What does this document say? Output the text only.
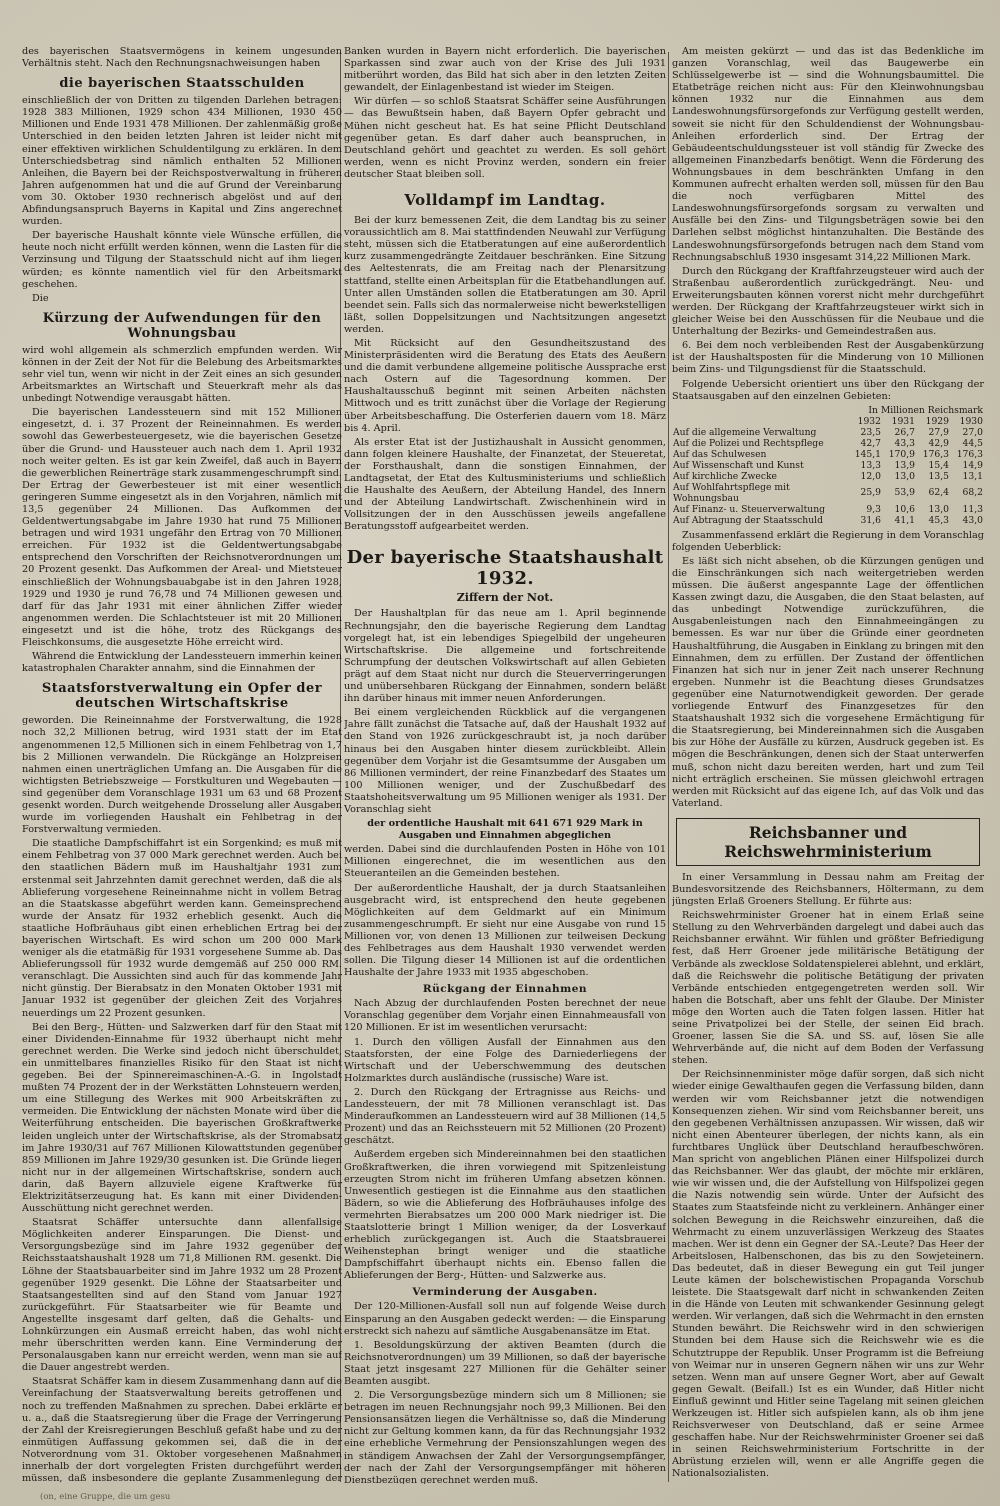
des bayerischen Staatsvermögens in keinem ungesunden Verhältnis steht. Nach den Rechnungsnachweisungen haben

die bayerischen Staatsschulden

einschließlich der von Dritten zu tilgenden Darlehen betragen: 1928 383 Millionen, 1929 schon 434 Millionen, 1930 450 Millionen und Ende 1931 478 Millionen. Der zahlenmäßig große Unterschied in den beiden letzten Jahren ist leider nicht mit einer effektiven wirklichen Schuldentilgung zu erklären. In dem Unterschiedsbetrag sind nämlich enthalten 52 Millionen Anleihen, die Bayern bei der Reichspostverwaltung in früheren Jahren aufgenommen hat und die auf Grund der Vereinbarung vom 30. Oktober 1930 rechnerisch abgelöst und auf den Abfindungsanspruch Bayerns in Kapital und Zins angerechnet wurden.

Der bayerische Haushalt könnte viele Wünsche erfüllen, die heute noch nicht erfüllt werden können, wenn die Lasten für die Verzinsung und Tilgung der Staatsschuld nicht auf ihm liegen würden; es könnte namentlich viel für den Arbeitsmarkt geschehen.

Die

Kürzung der Aufwendungen für den Wohnungsbau

wird wohl allgemein als schmerzlich empfunden werden. Wir können in der Zeit der Not für die Belebung des Arbeitsmarktes sehr viel tun, wenn wir nicht in der Zeit eines an sich gesunden Arbeitsmarktes an Wirtschaft und Steuerkraft mehr als das unbedingt Notwendige verausgabt hätten.

Die bayerischen Landessteuern sind mit 152 Millionen eingesetzt, d. i. 37 Prozent der Reineinnahmen. Es werden sowohl das Gewerbesteuergesetz, wie die bayerischen Gesetze über die Grund- und Haussteuer auch nach dem 1. April 1932 noch weiter gelten. Es ist gar kein Zweifel, daß auch in Bayern die gewerblichen Reinerträge stark zusammengeschrumpft sind. Der Ertrag der Gewerbesteuer ist mit einer wesentlich geringeren Summe eingesetzt als in den Vorjahren, nämlich mit 13,5 gegenüber 24 Millionen. Das Aufkommen der Geldentwertungsabgabe im Jahre 1930 hat rund 75 Millionen betragen und wird 1931 ungefähr den Ertrag von 70 Millionen erreichen. Für 1932 ist die Geldentwertungsabgabe entsprechend den Vorschriften der Reichsnotverordnungen um 20 Prozent gesenkt. Das Aufkommen der Areal- und Mietsteuer einschließlich der Wohnungsbauabgabe ist in den Jahren 1928, 1929 und 1930 je rund 76,78 und 74 Millionen gewesen und darf für das Jahr 1931 mit einer ähnlichen Ziffer wieder angenommen werden. Die Schlachtsteuer ist mit 20 Millionen eingesetzt und ist die höhe, trotz des Rückgangs des Fleischkonsums, die ausgesetzte Höhe erreicht wird.

Während die Entwicklung der Landessteuern immerhin keinen katastrophalen Charakter annahm, sind die Einnahmen der

Staatsforstverwaltung ein Opfer der deutschen Wirtschaftskrise

geworden. Die Reineinnahme der Forstverwaltung, die 1928 noch 32,2 Millionen betrug, wird 1931 statt der im Etat angenommenen 12,5 Millionen sich in einem Fehlbetrag von 1,7 bis 2 Millionen verwandeln. Die Rückgänge an Holzpreisen nahmen einen unerträglichen Umfang an. Die Ausgaben für die wichtigsten Betriebszweige — Forstkulturen und Wegebauten — sind gegenüber dem Voranschlage 1931 um 63 und 68 Prozent gesenkt worden. Durch weitgehende Drosselung aller Ausgaben wurde im vorliegenden Haushalt ein Fehlbetrag in der Forstverwaltung vermieden.

Die staatliche Dampfschiffahrt ist ein Sorgenkind; es muß mit einem Fehlbetrag von 37 000 Mark gerechnet werden. Auch bei den staatlichen Bädern muß im Haushaltjahr 1931 zum erstenmal seit Jahrzehnten damit gerechnet werden, daß die als Ablieferung vorgesehene Reineinnahme nicht in vollem Betrag an die Staatskasse abgeführt werden kann. Gemeinsprechend wurde der Ansatz für 1932 erheblich gesenkt. Auch die staatliche Hofbräuhaus gibt einen erheblichen Ertrag bei der bayerischen Wirtschaft. Es wird schon um 200 000 Mark weniger als die etatmäßig für 1931 vorgesehene Summe ab. Das Ablieferungssoll für 1932 wurde demgemäß auf 250 000 RM. veranschlagt. Die Aussichten sind auch für das kommende Jahr nicht günstig. Der Bierabsatz in den Monaten Oktober 1931 mit Januar 1932 ist gegenüber der gleichen Zeit des Vorjahres neuerdings um 22 Prozent gesunken.

Bei den Berg-, Hütten- und Salzwerken darf für den Staat mit einer Dividenden-Einnahme für 1932 überhaupt nicht mehr gerechnet werden. Die Werke sind jedoch nicht überschuldet, ein unmittelbares finanzielles Risiko für den Staat ist nicht gegeben. Bei der Spinnereimaschinen-A.-G. in Ingolstadt mußten 74 Prozent der in der Werkstätten Lohnsteuern werden, um eine Stillegung des Werkes mit 900 Arbeitskräften zu vermeiden. Die Entwicklung der nächsten Monate wird über die Weiterführung entscheiden. Die bayerischen Großkraftwerke leiden ungleich unter der Wirtschaftskrise, als der Stromabsatz im Jahre 1930/31 auf 767 Millionen Kilowattstunden gegenüber 859 Millionen im Jahre 1929/30 gesunken ist. Die Gründe liegen nicht nur in der allgemeinen Wirtschaftskrise, sondern auch darin, daß Bayern allzuviele eigene Kraftwerke für Elektrizitätserzeugung hat. Es kann mit einer Dividenden-Ausschüttung nicht gerechnet werden.

Staatsrat Schäffer untersuchte dann allenfallsige Möglichkeiten anderer Einsparungen. Die Dienst- und Versorgungsbezüge sind im Jahre 1932 gegenüber der Reichsstaatshaushalt 1928 um 71,8 Millionen RM. gesenkt. Die Löhne der Staatsbauarbeiter sind im Jahre 1932 um 28 Prozent gegenüber 1929 gesenkt. Die Löhne der Staatsarbeiter und Staatsangestellten sind auf den Stand vom Januar 1927 zurückgeführt. Für Staatsarbeiter wie für Beamte und Angestellte insgesamt darf gelten, daß die Gehalts- und Lohnkürzungen ein Ausmaß erreicht haben, das wohl nicht mehr überschritten werden kann. Eine Verminderung der Personalausgaben kann nur erreicht werden, wenn man sie auf die Dauer angestrebt werden.

Staatsrat Schäffer kam in diesem Zusammenhang dann auf die Vereinfachung der Staatsverwaltung bereits getroffenen und noch zu treffenden Maßnahmen zu sprechen. Dabei erklärte er u. a., daß die Staatsregierung über die Frage der Verringerung der Zahl der Kreisregierungen Beschluß gefaßt habe und zu der einmütigen Auffassung gekommen sei, daß die in der Notverordnung vom 31. Oktober vorgesehenen Maßnahmen innerhalb der dort vorgelegten Fristen durchgeführt werden müssen, daß insbesondere die geplante Zusammenlegung der

Banken wurden in Bayern nicht erforderlich. Die bayerischen Sparkassen sind zwar auch von der Krise des Juli 1931 mitberührt worden, das Bild hat sich aber in den letzten Zeiten gewandelt, der Einlagenbestand ist wieder im Steigen.

Wir dürfen — so schloß Staatsrat Schäffer seine Ausführungen — das Bewußtsein haben, daß Bayern Opfer gebracht und Mühen nicht gescheut hat. Es hat seine Pflicht Deutschland gegenüber getan. Es darf daher auch beanspruchen, in Deutschland gehört und geachtet zu werden. Es soll gehört werden, wenn es nicht Provinz werden, sondern ein freier deutscher Staat bleiben soll.

Volldampf im Landtag.

Bei der kurz bemessenen Zeit, die dem Landtag bis zu seiner voraussichtlich am 8. Mai stattfindenden Neuwahl zur Verfügung steht, müssen sich die Etatberatungen auf eine außerordentlich kurz zusammengedrängte Zeitdauer beschränken. Eine Sitzung des Aeltestenrats, die am Freitag nach der Plenarsitzung stattfand, stellte einen Arbeitsplan für die Etatbehandlungen auf. Unter allen Umständen sollen die Etatberatungen am 30. April beendet sein. Falls sich das normalerweise nicht bewerkstelligen läßt, sollen Doppelsitzungen und Nachtsitzungen angesetzt werden.

Mit Rücksicht auf den Gesundheitszustand des Ministerpräsidenten wird die Beratung des Etats des Aeußern und die damit verbundene allgemeine politische Aussprache erst nach Ostern auf die Tagesordnung kommen. Der Haushaltausschuß beginnt mit seinen Arbeiten nächsten Mittwoch und es tritt zunächst über die Vorlage der Regierung über Arbeitsbeschaffung. Die Osterferien dauern vom 18. März bis 4. April.

Als erster Etat ist der Justizhaushalt in Aussicht genommen, dann folgen kleinere Haushalte, der Finanzetat, der Steueretat, der Forsthaushalt, dann die sonstigen Einnahmen, der Landtagsetat, der Etat des Kultusministeriums und schließlich die Haushalte des Aeußern, der Abteilung Handel, des Innern und der Abteilung Landwirtschaft. Zwischenhinein wird in Vollsitzungen der in den Ausschüssen jeweils angefallene Beratungsstoff aufgearbeitet werden.

Der bayerische Staatshaushalt 1932.
Ziffern der Not.

Der Haushaltplan für das neue am 1. April beginnende Rechnungsjahr, den die bayerische Regierung dem Landtag vorgelegt hat, ist ein lebendiges Spiegelbild der ungeheuren Wirtschaftskrise. Die allgemeine und fortschreitende Schrumpfung der deutschen Volkswirtschaft auf allen Gebieten prägt auf dem Staat nicht nur durch die Steuerverringerungen und unübersehbaren Rückgang der Einnahmen, sondern beläßt ihn darüber hinaus mit immer neuen Anforderungen.

Bei einem vergleichenden Rückblick auf die vergangenen Jahre fällt zunächst die Tatsache auf, daß der Haushalt 1932 auf den Stand von 1926 zurückgeschraubt ist, ja noch darüber hinaus bei den Ausgaben hinter diesem zurückbleibt. Allein gegenüber dem Vorjahr ist die Gesamtsumme der Ausgaben um 86 Millionen vermindert, der reine Finanzbedarf des Staates um 100 Millionen weniger, und der Zuschußbedarf des Staatshoheitsverwaltung um 95 Millionen weniger als 1931. Der Voranschlag sieht

der ordentliche Haushalt mit 641 671 929 Mark in Ausgaben und Einnahmen abgeglichen

werden. Dabei sind die durchlaufenden Posten in Höhe von 101 Millionen eingerechnet, die im wesentlichen aus den Steueranteilen an die Gemeinden bestehen.

Der außerordentliche Haushalt, der ja durch Staatsanleihen ausgebracht wird, ist entsprechend den heute gegebenen Möglichkeiten auf dem Geldmarkt auf ein Minimum zusammengeschrumpft. Er sieht nur eine Ausgabe von rund 15 Millionen vor, von denen 13 Millionen zur teilweisen Deckung des Fehlbetrages aus dem Haushalt 1930 verwendet werden sollen. Die Tilgung dieser 14 Millionen ist auf die ordentlichen Haushalte der Jahre 1933 mit 1935 abgeschoben.

Rückgang der Einnahmen

Nach Abzug der durchlaufenden Posten berechnet der neue Voranschlag gegenüber dem Vorjahr einen Einnahmeausfall von 120 Millionen. Er ist im wesentlichen verursacht:

1. Durch den völligen Ausfall der Einnahmen aus den Staatsforsten, der eine Folge des Darniederliegens der Wirtschaft und der Ueberschwemmung des deutschen Holzmarktes durch ausländische (russische) Ware ist.

2. Durch den Rückgang der Ertragnisse aus Reichs- und Landessteuern, der mit 78 Millionen veranschlagt ist. Das Minderaufkommen an Landessteuern wird auf 38 Millionen (14,5 Prozent) und das an Reichssteuern mit 52 Millionen (20 Prozent) geschätzt.

Außerdem ergeben sich Mindereinnahmen bei den staatlichen Großkraftwerken, die ihren vorwiegend mit Spitzenleistung erzeugten Strom nicht im früheren Umfang absetzen können. Unwesentlich gestiegen ist die Einnahme aus den staatlichen Bädern, so wie die Ablieferung des Hofbräuhauses infolge des vermehrten Bierabsatzes um 200 000 Mark niedriger ist. Die Staatslotterie bringt 1 Million weniger, da der Losverkauf erheblich zurückgegangen ist. Auch die Staatsbrauerei Weihenstephan bringt weniger und die staatliche Dampfschiffahrt überhaupt nichts ein. Ebenso fallen die Ablieferungen der Berg-, Hütten- und Salzwerke aus.

Verminderung der Ausgaben.

Der 120-Millionen-Ausfall soll nun auf folgende Weise durch Einsparung an den Ausgaben gedeckt werden: — die Einsparung erstreckt sich nahezu auf sämtliche Ausgabenansätze im Etat.

1. Besoldungskürzung der aktiven Beamten (durch die Reichsnotverordnungen) um 39 Millionen, so daß der bayerische Staat jetzt insgesamt 227 Millionen für die Gehälter seiner Beamten ausgibt.

2. Die Versorgungsbezüge mindern sich um 8 Millionen; sie betragen im neuen Rechnungsjahr noch 99,3 Millionen. Bei den Pensionsansätzen liegen die Verhältnisse so, daß die Minderung nicht zur Geltung kommen kann, da für das Rechnungsjahr 1932 eine erhebliche Vermehrung der Pensionszahlungen wegen des in ständigem Anwachsen der Zahl der Versorgungsempfänger, der nach der Zahl der Versorgungsempfänger mit höheren Dienstbezügen gerechnet werden muß.

Am meisten gekürzt — und das ist das Bedenkliche im ganzen Voranschlag, weil das Baugewerbe ein Schlüsselgewerbe ist — sind die Wohnungsbaumittel. Die Etatbeträge reichen nicht aus: Für den Kleinwohnungsbau können 1932 nur die Einnahmen aus dem Landeswohnungsfürsorgefonds zur Verfügung gestellt werden, soweit sie nicht für den Schuldendienst der Wohnungsbau-Anleihen erforderlich sind. Der Ertrag der Gebäudeentschuldungssteuer ist voll ständig für Zwecke des allgemeinen Finanzbedarfs benötigt. Wenn die Förderung des Wohnungsbaues in dem beschränkten Umfang in den Kommunen aufrecht erhalten werden soll, müssen für den Bau die noch verfügbaren Mittel des Landeswohnungsfürsorgefonds sorgsam zu verwalten und Ausfälle bei den Zins- und Tilgungsbeträgen sowie bei den Darlehen selbst möglichst hintanzuhalten. Die Bestände des Landeswohnungsfürsorgefonds betrugen nach dem Stand vom Rechnungsabschluß 1930 insgesamt 314,22 Millionen Mark.

Durch den Rückgang der Kraftfahrzeugsteuer wird auch der Straßenbau außerordentlich zurückgedrängt. Neu- und Erweiterungsbauten können vorerst nicht mehr durchgeführt werden. Der Rückgang der Kraftfahrzeugsteuer wirkt sich in gleicher Weise bei den Ausschüssen für die Neubaue und die Unterhaltung der Bezirks- und Gemeindestraßen aus.

6. Bei dem noch verbleibenden Rest der Ausgabenkürzung ist der Haushaltsposten für die Minderung von 10 Millionen beim Zins- und Tilgungsdienst für die Staatsschuld.

Folgende Uebersicht orientiert uns über den Rückgang der Staatsausgaben auf den einzelnen Gebieten:

	In Millionen Reichsmark			
	1932	1931	1929	1930
Auf die allgemeine Verwaltung	23,5	26,7	27,9	27,0
Auf die Polizei und Rechtspflege	42,7	43,3	42,9	44,5
Auf das Schulwesen	145,1	170,9	176,3	176,3
Auf Wissenschaft und Kunst	13,3	13,9	15,4	14,9
Auf kirchliche Zwecke	12,0	13,0	13,5	13,1
Auf Wohlfahrtspflege mit Wohnungsbau	25,9	53,9	62,4	68,2
Auf Finanz- u. Steuerverwaltung	9,3	10,6	13,0	11,3
Auf Abtragung der Staatsschuld	31,6	41,1	45,3	43,0

Zusammenfassend erklärt die Regierung in dem Voranschlag folgenden Ueberblick:

Es läßt sich nicht absehen, ob die Kürzungen genügen und die Einschränkungen sich nach weitergetrieben werden müssen. Die äußerst angespannte Lage der öffentlichen Kassen zwingt dazu, die Ausgaben, die den Staat belasten, auf das unbedingt Notwendige zurückzuführen, die Ausgabenleistungen nach den Einnahmeeingängen zu bemessen. Es war nur über die Gründe einer geordneten Haushaltführung, die Ausgaben in Einklang zu bringen mit den Einnahmen, dem zu erfüllen. Der Zustand der öffentlichen Finanzen hat sich nur in jener Zeit nach unserer Rechnung ergeben. Nunmehr ist die Beachtung dieses Grundsatzes gegenüber eine Naturnotwendigkeit geworden. Der gerade vorliegende Entwurf des Finanzgesetzes für den Staatshaushalt 1932 sich die vorgesehene Ermächtigung für die Staatsregierung, bei Mindereinnahmen sich die Ausgaben bis zur Höhe der Ausfälle zu kürzen, Ausdruck gegeben ist. Es mögen die Beschränkungen, denen sich der Staat unterwerfen muß, schon nicht dazu bereiten werden, hart und zum Teil nicht erträglich erscheinen. Sie müssen gleichwohl ertragen werden mit Rücksicht auf das eigene Ich, auf das Volk und das Vaterland.

Reichsbanner und Reichswehrministerium

In einer Versammlung in Dessau nahm am Freitag der Bundesvorsitzende des Reichsbanners, Höltermann, zu dem jüngsten Erlaß Groeners Stellung. Er führte aus:

Reichswehrminister Groener hat in einem Erlaß seine Stellung zu den Wehrverbänden dargelegt und dabei auch das Reichsbanner erwähnt. Wir fühlen und größter Befriedigung fest, daß Herr Groener jede militärische Betätigung der Verbände als zwecklose Soldatenspielerei ablehnt, und erklärt, daß die Reichswehr die politische Betätigung der privaten Verbände entschieden entgegengetreten werden soll. Wir haben die Botschaft, aber uns fehlt der Glaube. Der Minister möge den Worten auch die Taten folgen lassen. Hitler hat seine Privatpolizei bei der Stelle, der seinen Eid brach. Groener, lassen Sie die SA. und SS. auf, lösen Sie alle Wehrverbände auf, die nicht auf dem Boden der Verfassung stehen.

Der Reichsinnenminister möge dafür sorgen, daß sich nicht wieder einige Gewalthaufen gegen die Verfassung bilden, dann werden wir vom Reichsbanner jetzt die notwendigen Konsequenzen ziehen. Wir sind vom Reichsbanner bereit, uns den gegebenen Verhältnissen anzupassen. Wir wissen, daß wir nicht einen Abenteurer überlegen, der nichts kann, als ein furchtbares Unglück über Deutschland heraufbeschwören. Man spricht von angeblichen Plänen einer Hilfspolizei durch das Reichsbanner. Wer das glaubt, der möchte mir erklären, wie wir wissen und, die der Aufstellung von Hilfspolizei gegen die Nazis notwendig sein würde. Unter der Aufsicht des Staates zum Staatsfeinde nicht zu verkleinern. Anhänger einer solchen Bewegung in die Reichswehr einzureihen, daß die Wehrmacht zu einem unzuverlässigen Werkzeug des Staates machen. Wer ist denn ein Gegner der SA.-Leute? Das Heer der Arbeitslosen, Halbenschonen, das bis zu den Sowjeteinern. Das bedeutet, daß in dieser Bewegung ein gut Teil junger Leute kämen der bolschewistischen Propaganda Vorschub leistete. Die Staatsgewalt darf nicht in schwankenden Zeiten in die Hände von Leuten mit schwankender Gesinnung gelegt werden. Wir verlangen, daß sich die Wehrmacht in den ernsten Stunden bewährt. Die Reichswehr wird in den schwierigen Stunden bei dem Hause sich die Reichswehr wie es die Schutztruppe der Republik. Unser Programm ist die Befreiung von Weimar nur in unseren Gegnern nähen wir uns zur Wehr setzen. Wenn man auf unsere Gegner Wort, aber auf Gewalt gegen Gewalt. (Beifall.) Ist es ein Wunder, daß Hitler nicht Einfluß gewinnt und Hitler seine Tagelang mit seinen gleichen Werkzeugen ist. Hitler sich aufspielen kann, als ob ihm jene Reichsverweser von Deutschland, daß er seine Armee geschaffen habe. Nur der Reichswehrminister Groener sei daß in seinen Reichswehrministerium Fortschritte in der Abrüstung erzielen will, wenn er alle Angriffe gegen die Nationalsozialisten.

(on, eine Gruppe, die um gesu
